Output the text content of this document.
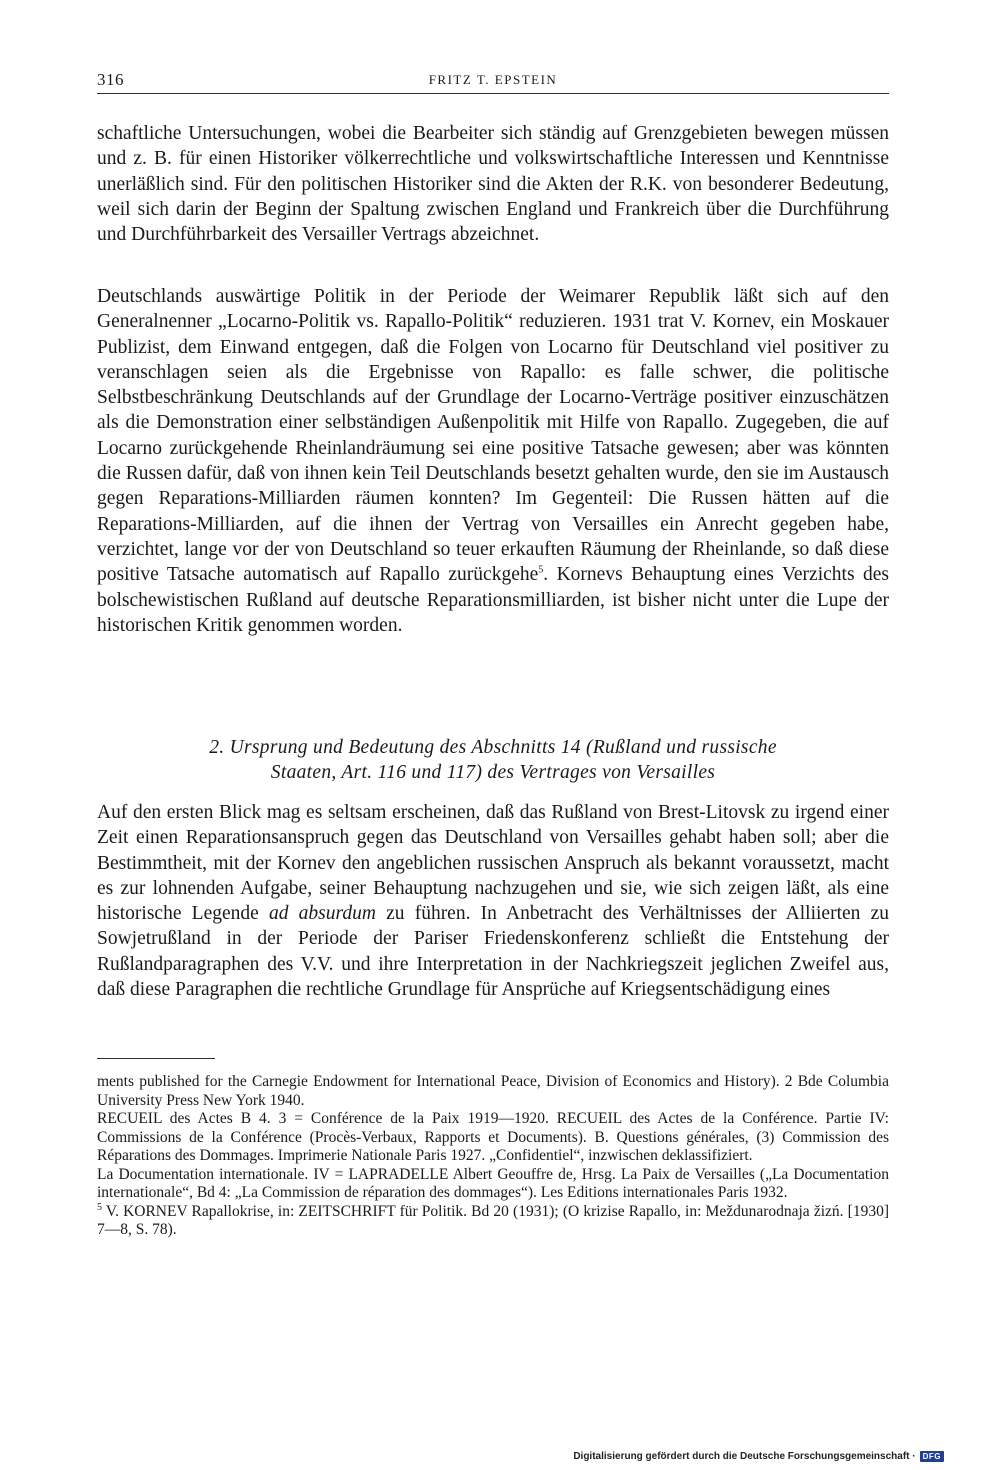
316	FRITZ T. EPSTEIN

schaftliche Untersuchungen, wobei die Bearbeiter sich ständig auf Grenzgebieten bewegen müssen und z. B. für einen Historiker völkerrechtliche und volkswirtschaftliche Interessen und Kenntnisse unerläßlich sind. Für den politischen Historiker sind die Akten der R.K. von besonderer Bedeutung, weil sich darin der Beginn der Spaltung zwischen England und Frankreich über die Durchführung und Durchführbarkeit des Versailler Vertrags abzeichnet.

Deutschlands auswärtige Politik in der Periode der Weimarer Republik läßt sich auf den Generalnenner „Locarno-Politik vs. Rapallo-Politik“ reduzieren. 1931 trat V. Kornev, ein Moskauer Publizist, dem Einwand entgegen, daß die Folgen von Locarno für Deutschland viel positiver zu veranschlagen seien als die Ergebnisse von Rapallo: es falle schwer, die politische Selbstbeschränkung Deutschlands auf der Grundlage der Locarno-Verträge positiver einzuschätzen als die Demonstration einer selbständigen Außenpolitik mit Hilfe von Rapallo. Zugegeben, die auf Locarno zurückgehende Rheinlandräumung sei eine positive Tatsache gewesen; aber was könnten die Russen dafür, daß von ihnen kein Teil Deutschlands besetzt gehalten wurde, den sie im Austausch gegen Reparations-Milliarden räumen konnten? Im Gegenteil: Die Russen hätten auf die Reparations-Milliarden, auf die ihnen der Vertrag von Versailles ein Anrecht gegeben habe, verzichtet, lange vor der von Deutschland so teuer erkauften Räumung der Rheinlande, so daß diese positive Tatsache automatisch auf Rapallo zurückgehe$^5$. Kornevs Behauptung eines Verzichts des bolschewistischen Rußland auf deutsche Reparationsmilliarden, ist bisher nicht unter die Lupe der historischen Kritik genommen worden.

2. Ursprung und Bedeutung des Abschnitts 14 (Rußland und russische
Staaten, Art. 116 und 117) des Vertrages von Versailles

Auf den ersten Blick mag es seltsam erscheinen, daß das Rußland von Brest-Litovsk zu irgend einer Zeit einen Reparationsanspruch gegen das Deutschland von Versailles gehabt haben soll; aber die Bestimmtheit, mit der Kornev den angeblichen russischen Anspruch als bekannt voraussetzt, macht es zur lohnenden Aufgabe, seiner Behauptung nachzugehen und sie, wie sich zeigen läßt, als eine historische Legende ad absurdum zu führen. In Anbetracht des Verhältnisses der Alliierten zu Sowjetrußland in der Periode der Pariser Friedenskonferenz schließt die Entstehung der Rußlandparagraphen des V.V. und ihre Interpretation in der Nachkriegszeit jeglichen Zweifel aus, daß diese Paragraphen die rechtliche Grundlage für Ansprüche auf Kriegsentschädigung eines

ments published for the Carnegie Endowment for International Peace, Division of Economics and History). 2 Bde Columbia University Press New York 1940.

RECUEIL des Actes B 4. 3 = Conférence de la Paix 1919—1920. RECUEIL des Actes de la Conférence. Partie IV: Commissions de la Conférence (Procès-Verbaux, Rapports et Documents). B. Questions générales, (3) Commission des Réparations des Dommages. Imprimerie Nationale Paris 1927. „Confidentiel“, inzwischen deklassifiziert.

La Documentation internationale. IV = LAPRADELLE Albert Geouffre de, Hrsg. La Paix de Versailles („La Documentation internationale“, Bd 4: „La Commission de réparation des dommages“). Les Editions internationales Paris 1932.

$^5$ V. KORNEV Rapallokrise, in: ZEITSCHRIFT für Politik. Bd 20 (1931); (O krizise Rapallo, in: Meždunarodnaja žizń. [1930] 7—8, S. 78).

Digitalisierung gefördert durch die Deutsche Forschungsgemeinschaft · DFG
